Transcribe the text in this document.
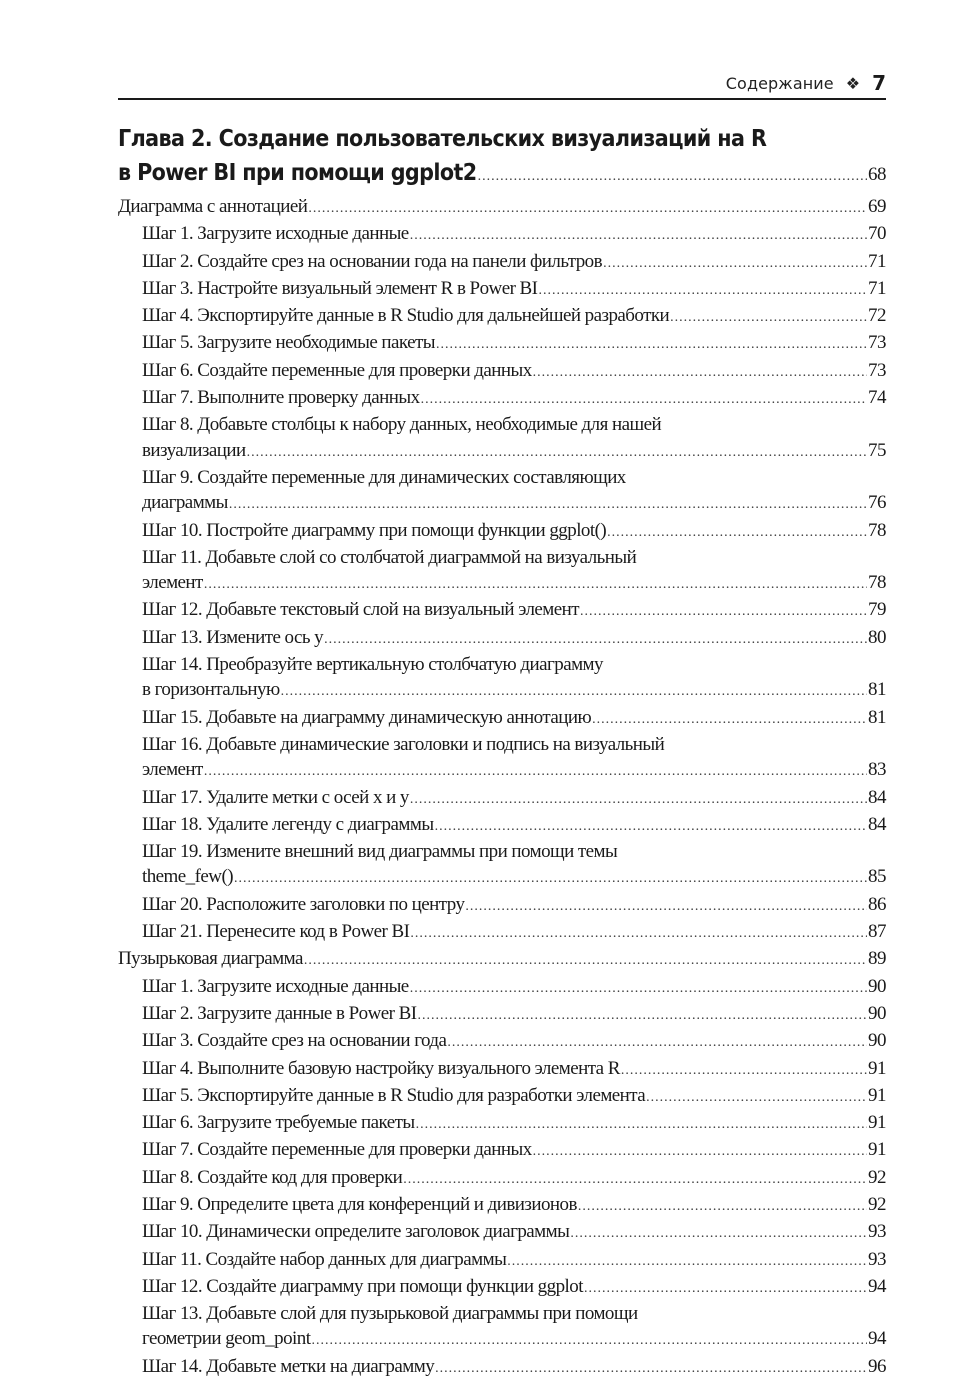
Содержание ❖ 7
Глава 2. Создание пользовательских визуализаций на R
в Power BI при помощи ggplot2 .....	68
Диаграмма с аннотацией .....	69
Шаг 1. Загрузите исходные данные .....	70
Шаг 2. Создайте срез на основании года на панели фильтров .....	71
Шаг 3. Настройте визуальный элемент R в Power BI .....	71
Шаг 4. Экспортируйте данные в R Studio для дальнейшей разработки .....	72
Шаг 5. Загрузите необходимые пакеты .....	73
Шаг 6. Создайте переменные для проверки данных .....	73
Шаг 7. Выполните проверку данных .....	74
Шаг 8. Добавьте столбцы к набору данных, необходимые для нашей
визуализации .....	75
Шаг 9. Создайте переменные для динамических составляющих
диаграммы .....	76
Шаг 10. Постройте диаграмму при помощи функции ggplot() .....	78
Шаг 11. Добавьте слой со столбчатой диаграммой на визуальный
элемент .....	78
Шаг 12. Добавьте текстовый слой на визуальный элемент .....	79
Шаг 13. Измените ось y .....	80
Шаг 14. Преобразуйте вертикальную столбчатую диаграмму
в горизонтальную .....	81
Шаг 15. Добавьте на диаграмму динамическую аннотацию .....	81
Шаг 16. Добавьте динамические заголовки и подпись на визуальный
элемент .....	83
Шаг 17. Удалите метки с осей x и y .....	84
Шаг 18. Удалите легенду с диаграммы .....	84
Шаг 19. Измените внешний вид диаграммы при помощи темы
theme_few() .....	85
Шаг 20. Расположите заголовки по центру .....	86
Шаг 21. Перенесите код в Power BI .....	87
Пузырьковая диаграмма .....	89
Шаг 1. Загрузите исходные данные .....	90
Шаг 2. Загрузите данные в Power BI .....	90
Шаг 3. Создайте срез на основании года .....	90
Шаг 4. Выполните базовую настройку визуального элемента R .....	91
Шаг 5. Экспортируйте данные в R Studio для разработки элемента .....	91
Шаг 6. Загрузите требуемые пакеты .....	91
Шаг 7. Создайте переменные для проверки данных .....	91
Шаг 8. Создайте код для проверки .....	92
Шаг 9. Определите цвета для конференций и дивизионов .....	92
Шаг 10. Динамически определите заголовок диаграммы .....	93
Шаг 11. Создайте набор данных для диаграммы .....	93
Шаг 12. Создайте диаграмму при помощи функции ggplot .....	94
Шаг 13. Добавьте слой для пузырьковой диаграммы при помощи
геометрии geom_point .....	94
Шаг 14. Добавьте метки на диаграмму .....	96
